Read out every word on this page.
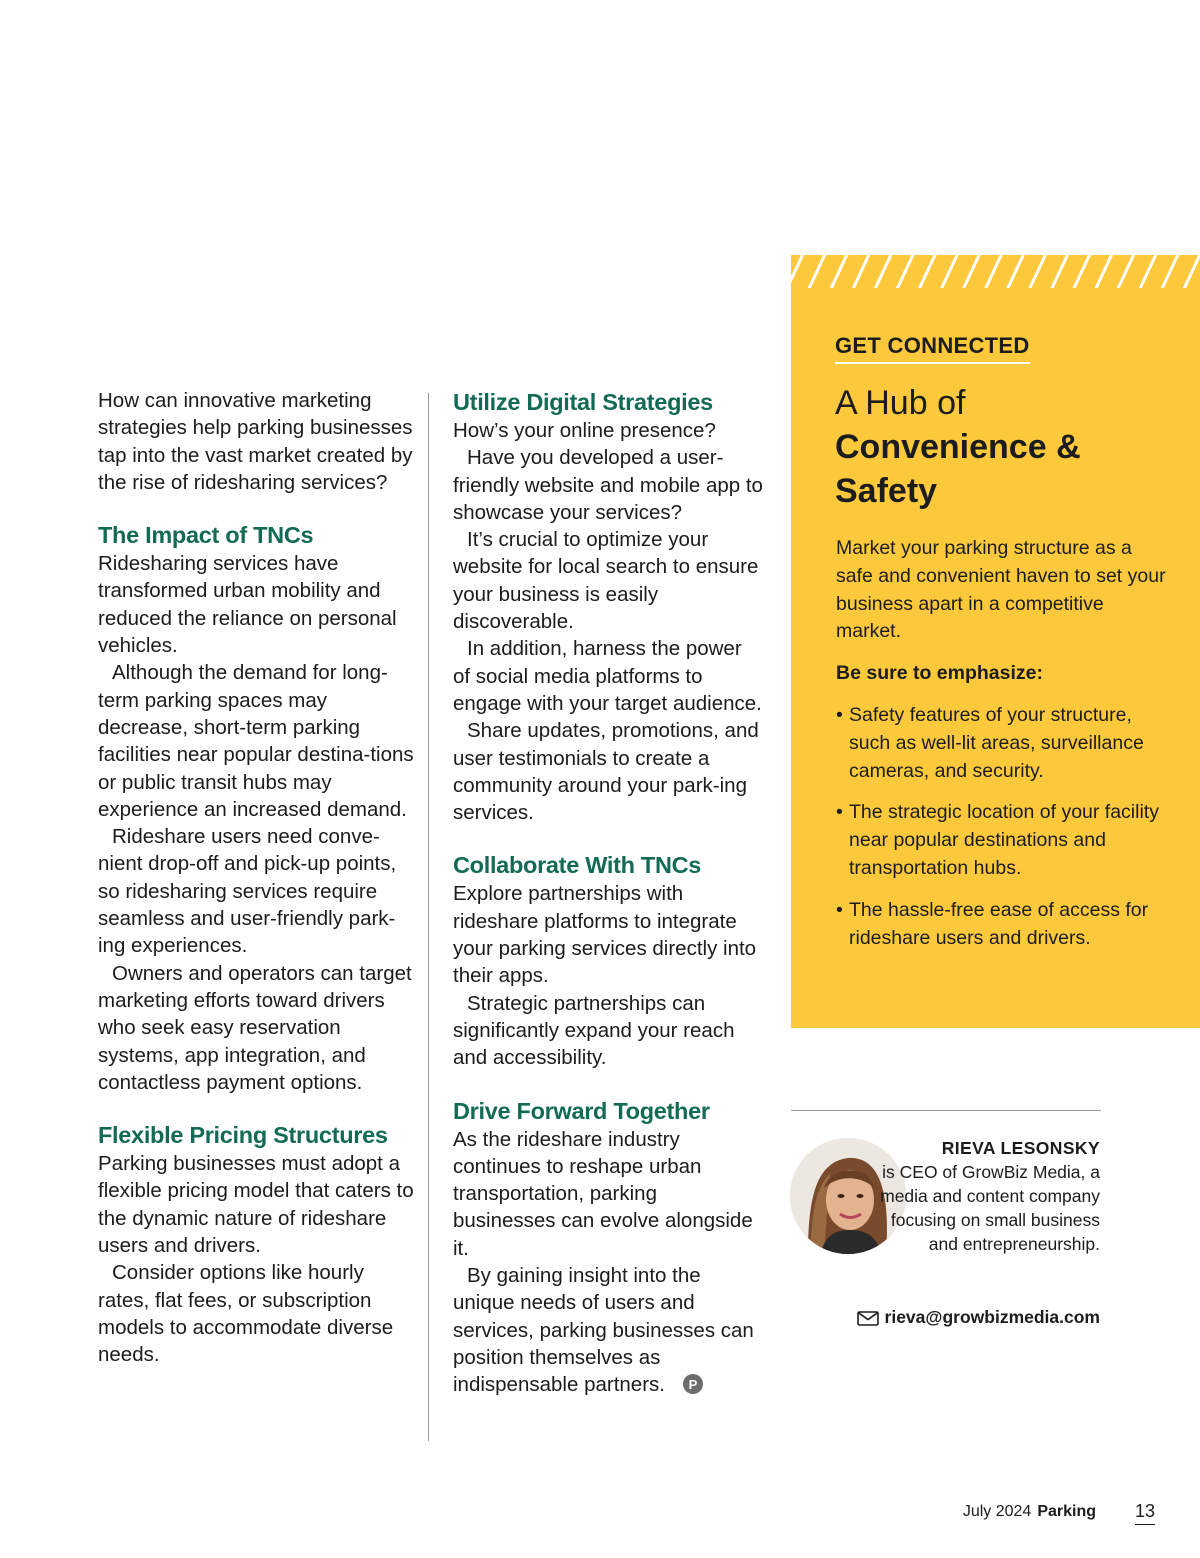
How can innovative marketing strategies help parking businesses tap into the vast market created by the rise of ridesharing services?

The Impact of TNCs

Ridesharing services have transformed urban mobility and reduced the reliance on personal vehicles.

Although the demand for long-term parking spaces may decrease, short-term parking facilities near popular destina-tions or public transit hubs may experience an increased demand.

Rideshare users need conve-nient drop-off and pick-up points, so ridesharing services require seamless and user-friendly park-ing experiences.

Owners and operators can target marketing efforts toward drivers who seek easy reservation systems, app integration, and contactless payment options.

Flexible Pricing Structures

Parking businesses must adopt a flexible pricing model that caters to the dynamic nature of rideshare users and drivers.

Consider options like hourly rates, flat fees, or subscription models to accommodate diverse needs.

Utilize Digital Strategies

How’s your online presence?

Have you developed a user-friendly website and mobile app to showcase your services?

It’s crucial to optimize your website for local search to ensure your business is easily discoverable.

In addition, harness the power of social media platforms to engage with your target audience.

Share updates, promotions, and user testimonials to create a community around your park-ing services.

Collaborate With TNCs

Explore partnerships with rideshare platforms to integrate your parking services directly into their apps.

Strategic partnerships can significantly expand your reach and accessibility.

Drive Forward Together

As the rideshare industry continues to reshape urban transportation, parking businesses can evolve alongside it.

By gaining insight into the unique needs of users and services, parking businesses can position themselves as indispensable partners. P

GET CONNECTED
A Hub of
Convenience & Safety

Market your parking structure as a safe and convenient haven to set your business apart in a competitive market.

Be sure to emphasize:

• Safety features of your structure, such as well-lit areas, surveillance cameras, and security.
• The strategic location of your facility near popular destinations and transportation hubs.
• The hassle-free ease of access for rideshare users and drivers.
RIEVA LESONSKY
is CEO of GrowBiz Media, a media and content company focusing on small business and entrepreneurship.
rieva@growbizmedia.com
July 2024 Parking 13
